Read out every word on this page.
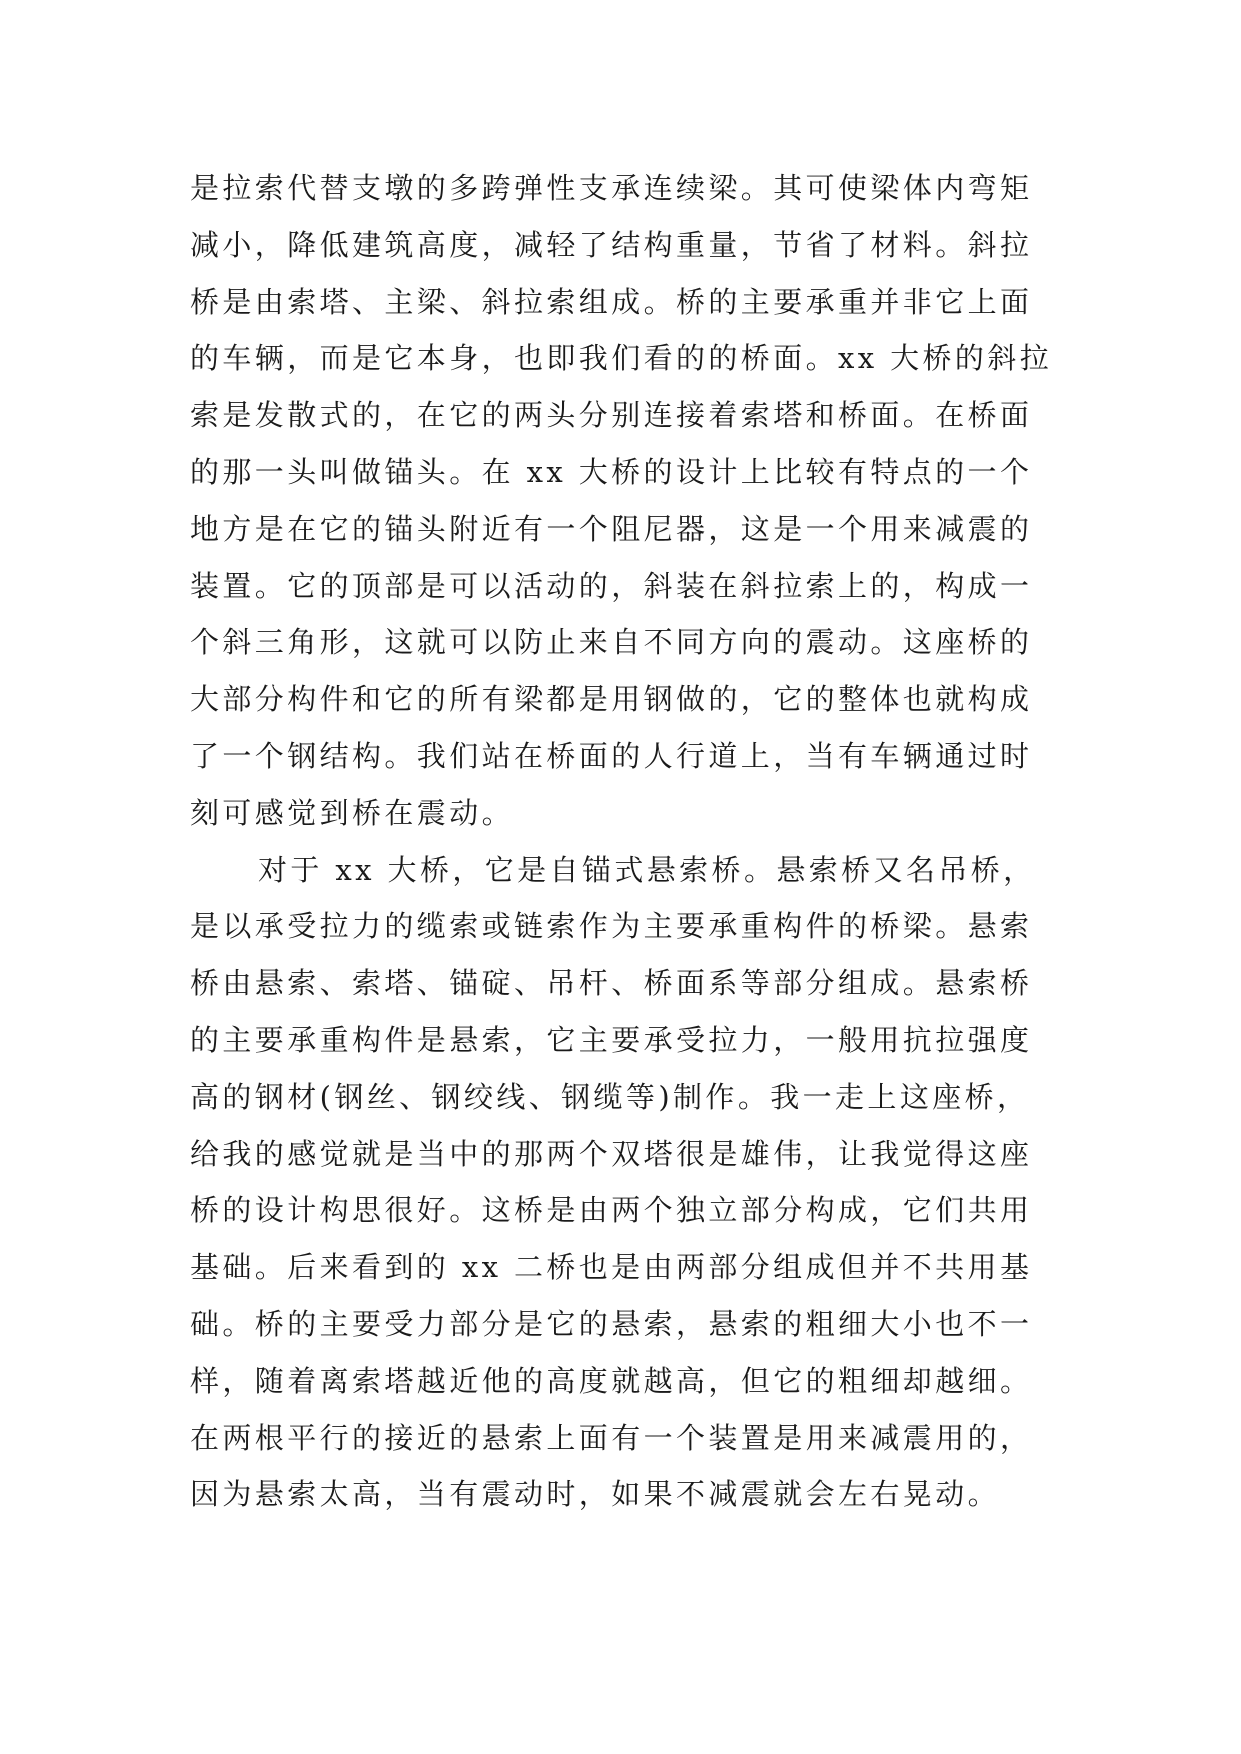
是拉索代替支墩的多跨弹性支承连续梁。其可使梁体内弯矩
减小，降低建筑高度，减轻了结构重量，节省了材料。斜拉
桥是由索塔、主梁、斜拉索组成。桥的主要承重并非它上面
的车辆，而是它本身，也即我们看的的桥面。xx 大桥的斜拉
索是发散式的，在它的两头分别连接着索塔和桥面。在桥面
的那一头叫做锚头。在 xx 大桥的设计上比较有特点的一个
地方是在它的锚头附近有一个阻尼器，这是一个用来减震的
装置。它的顶部是可以活动的，斜装在斜拉索上的，构成一
个斜三角形，这就可以防止来自不同方向的震动。这座桥的
大部分构件和它的所有梁都是用钢做的，它的整体也就构成
了一个钢结构。我们站在桥面的人行道上，当有车辆通过时
刻可感觉到桥在震动。
对于 xx 大桥，它是自锚式悬索桥。悬索桥又名吊桥，
是以承受拉力的缆索或链索作为主要承重构件的桥梁。悬索
桥由悬索、索塔、锚碇、吊杆、桥面系等部分组成。悬索桥
的主要承重构件是悬索，它主要承受拉力，一般用抗拉强度
高的钢材(钢丝、钢绞线、钢缆等)制作。我一走上这座桥，
给我的感觉就是当中的那两个双塔很是雄伟，让我觉得这座
桥的设计构思很好。这桥是由两个独立部分构成，它们共用
基础。后来看到的 xx 二桥也是由两部分组成但并不共用基
础。桥的主要受力部分是它的悬索，悬索的粗细大小也不一
样，随着离索塔越近他的高度就越高，但它的粗细却越细。
在两根平行的接近的悬索上面有一个装置是用来减震用的，
因为悬索太高，当有震动时，如果不减震就会左右晃动。
